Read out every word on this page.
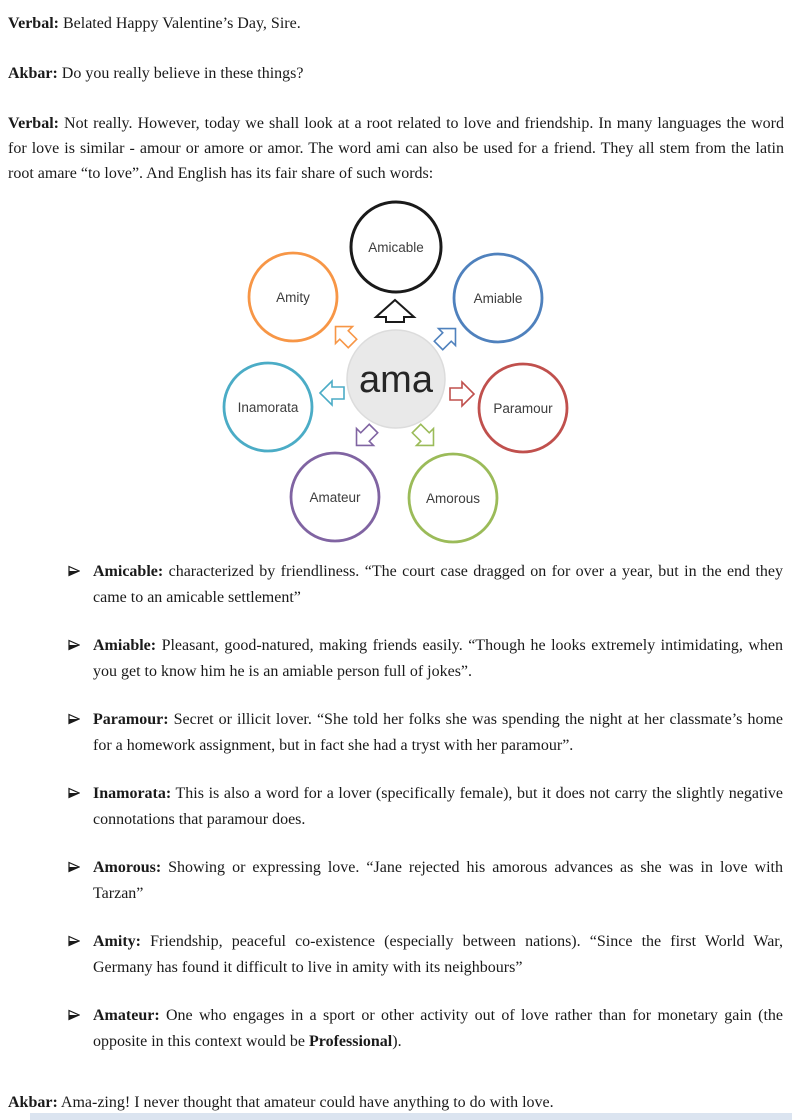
Verbal: Belated Happy Valentine’s Day, Sire.

Akbar: Do you really believe in these things?

Verbal: Not really. However, today we shall look at a root related to love and friendship. In many languages the word for love is similar - amour or amore or amor. The word ami can also be used for a friend. They all stem from the latin root amare “to love”. And English has its fair share of such words:

ama
Amicable
Amiable
Paramour
Amorous
Amateur
Inamorata
Amity

Amicable: characterized by friendliness. “The court case dragged on for over a year, but in the end they came to an amicable settlement”

Amiable: Pleasant, good-natured, making friends easily. “Though he looks extremely intimidating, when you get to know him he is an amiable person full of jokes”.

Paramour: Secret or illicit lover. “She told her folks she was spending the night at her classmate’s home for a homework assignment, but in fact she had a tryst with her paramour”.

Inamorata: This is also a word for a lover (specifically female), but it does not carry the slightly negative connotations that paramour does.

Amorous: Showing or expressing love. “Jane rejected his amorous advances as she was in love with Tarzan”

Amity: Friendship, peaceful co-existence (especially between nations). “Since the first World War, Germany has found it difficult to live in amity with its neighbours”

Amateur: One who engages in a sport or other activity out of love rather than for monetary gain (the opposite in this context would be Professional).

Akbar: Ama-zing! I never thought that amateur could have anything to do with love.
